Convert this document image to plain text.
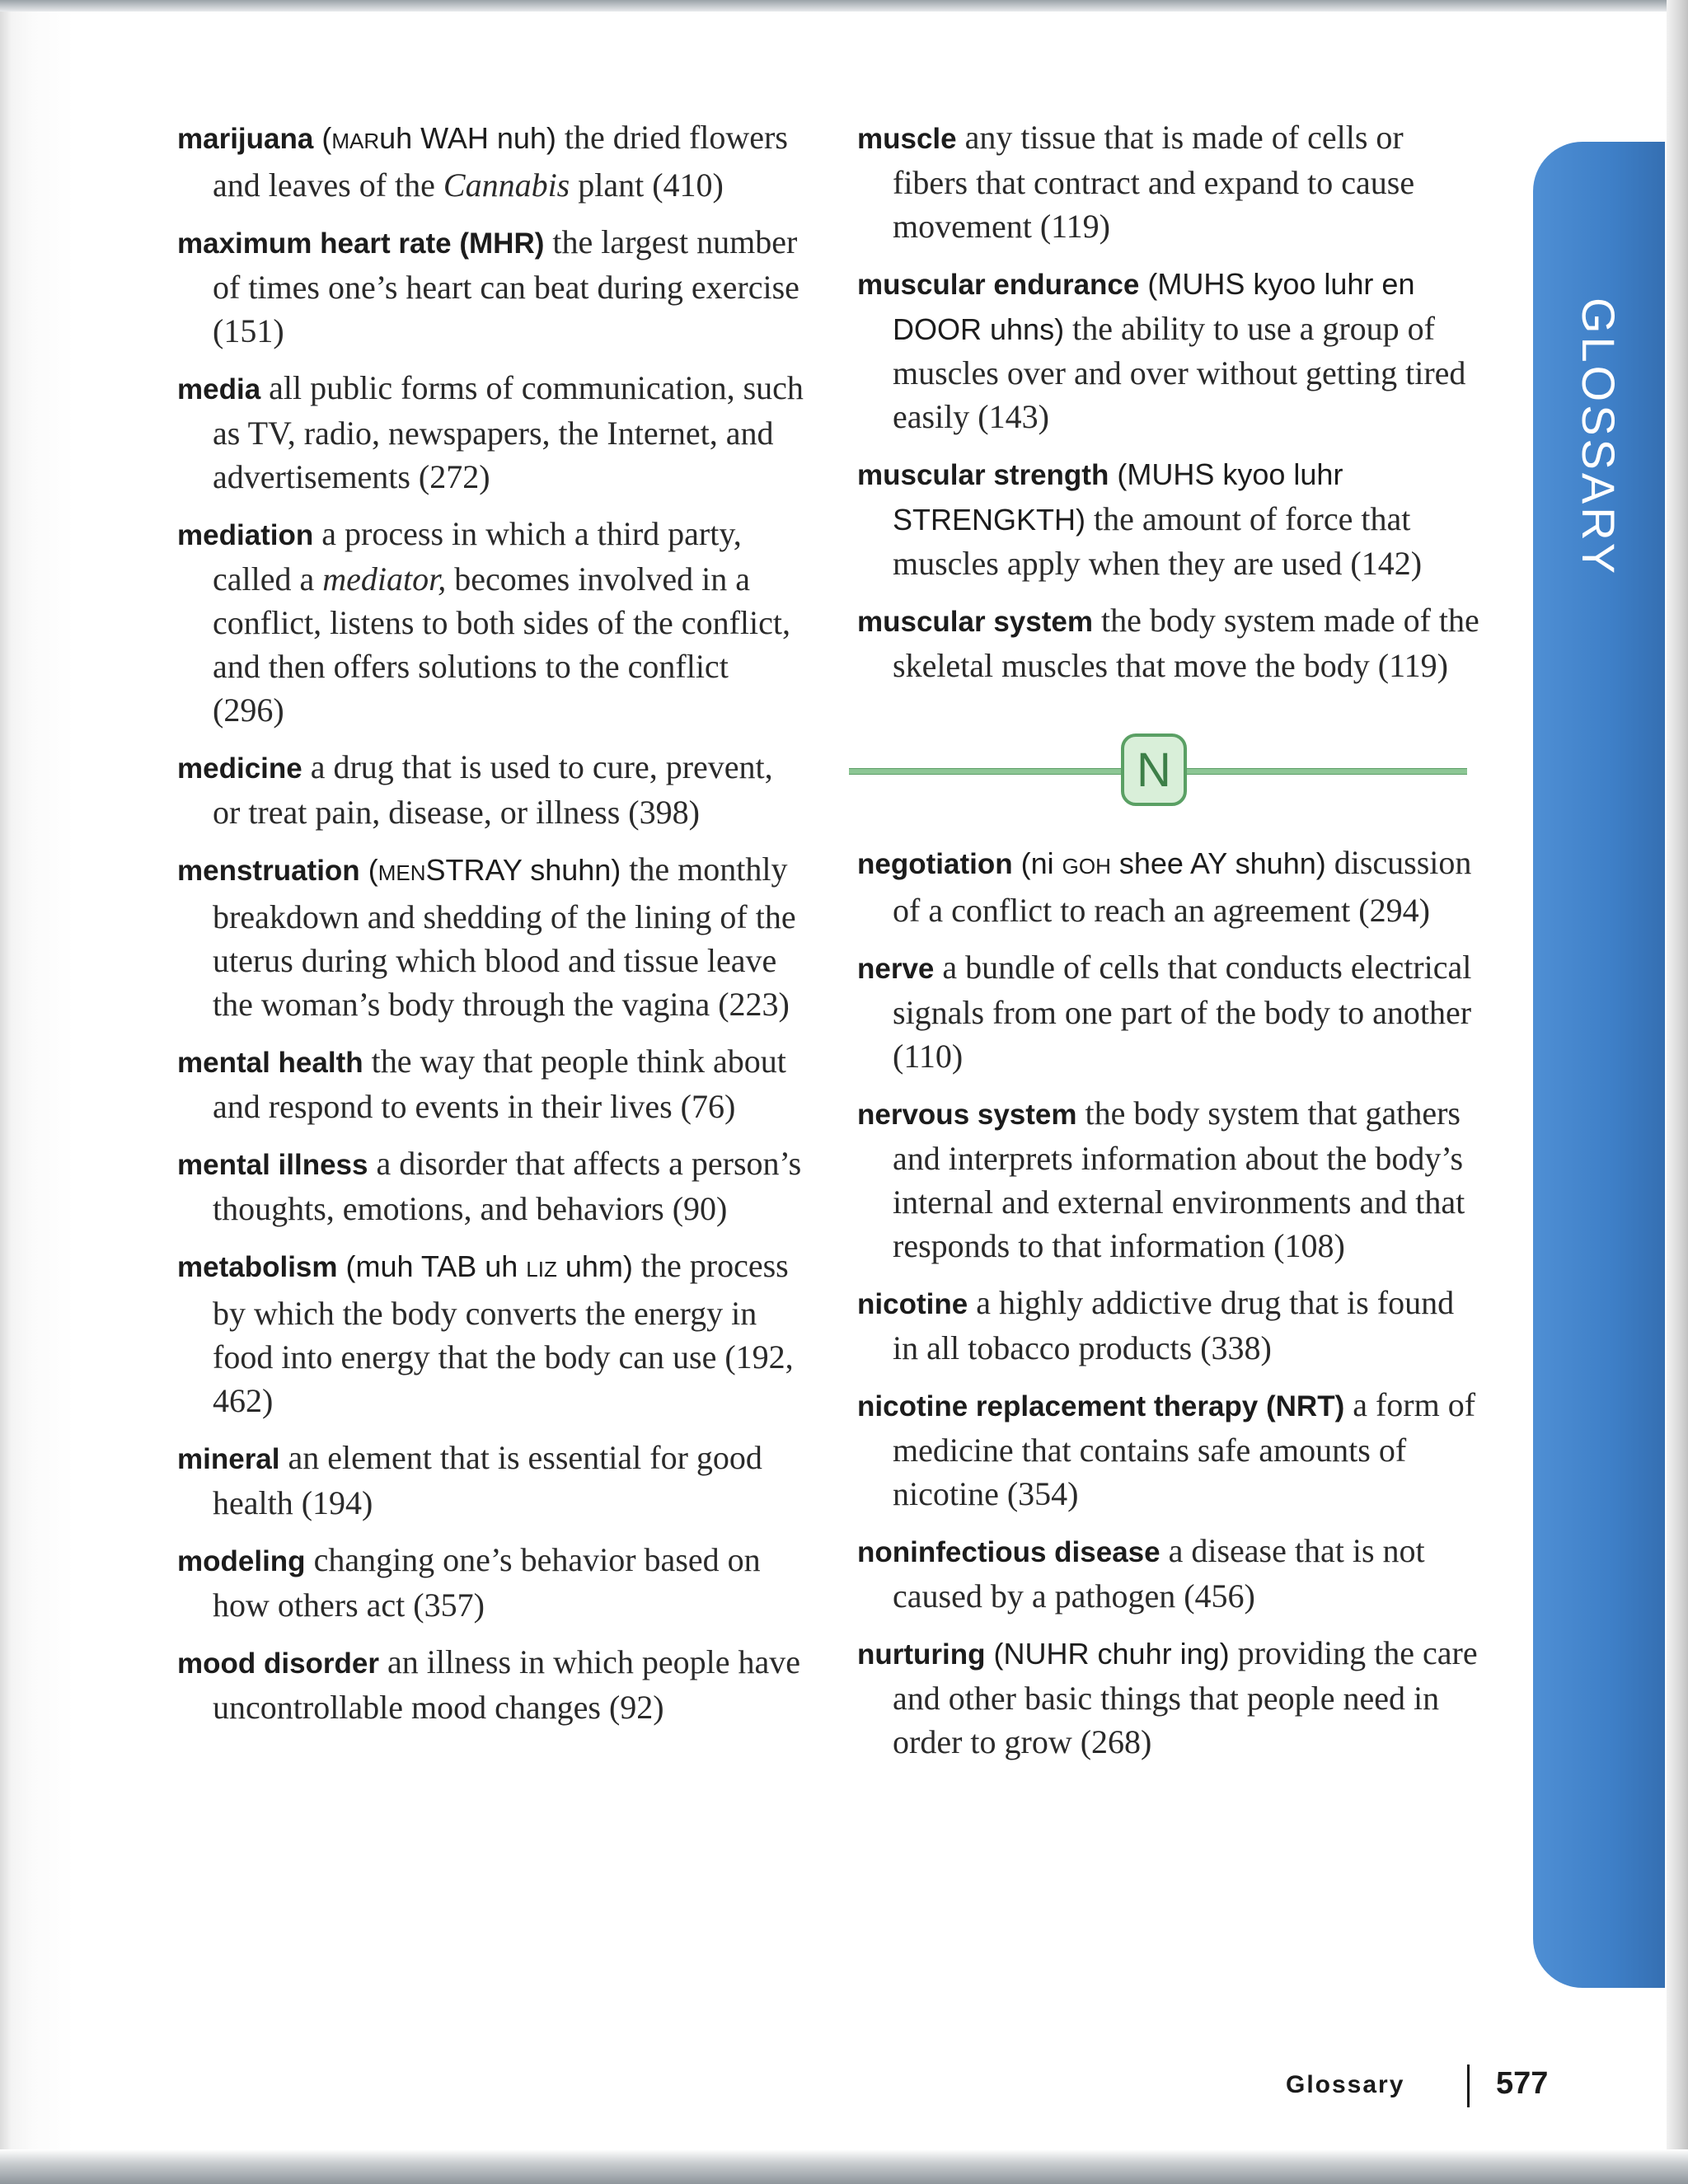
marijuana (MARuh WAH nuh) the dried flowers and leaves of the Cannabis plant (410)

maximum heart rate (MHR) the largest number of times one’s heart can beat during exercise (151)

media all public forms of communication, such as TV, radio, newspapers, the Internet, and advertisements (272)

mediation a process in which a third party, called a mediator, becomes involved in a conflict, listens to both sides of the conflict, and then offers solutions to the conflict (296)

medicine a drug that is used to cure, prevent, or treat pain, disease, or illness (398)

menstruation (MENSTRAY shuhn) the monthly breakdown and shedding of the lining of the uterus during which blood and tissue leave the woman’s body through the vagina (223)

mental health the way that people think about and respond to events in their lives (76)

mental illness a disorder that affects a person’s thoughts, emotions, and behaviors (90)

metabolism (muh TAB uh LIZ uhm) the process by which the body converts the energy in food into energy that the body can use (192, 462)

mineral an element that is essential for good health (194)

modeling changing one’s behavior based on how others act (357)

mood disorder an illness in which people have uncontrollable mood changes (92)

muscle any tissue that is made of cells or fibers that contract and expand to cause movement (119)

muscular endurance (MUHS kyoo luhr en DOOR uhns) the ability to use a group of muscles over and over without getting tired easily (143)

muscular strength (MUHS kyoo luhr STRENGKTH) the amount of force that muscles apply when they are used (142)

muscular system the body system made of the skeletal muscles that move the body (119)

N

negotiation (ni GOH shee AY shuhn) discussion of a conflict to reach an agreement (294)

nerve a bundle of cells that conducts electrical signals from one part of the body to another (110)

nervous system the body system that gathers and interprets information about the body’s internal and external environments and that responds to that information (108)

nicotine a highly addictive drug that is found in all tobacco products (338)

nicotine replacement therapy (NRT) a form of medicine that contains safe amounts of nicotine (354)

noninfectious disease a disease that is not caused by a pathogen (456)

nurturing (NUHR chuhr ing) providing the care and other basic things that people need in order to grow (268)

GLOSSARY
Glossary	577
